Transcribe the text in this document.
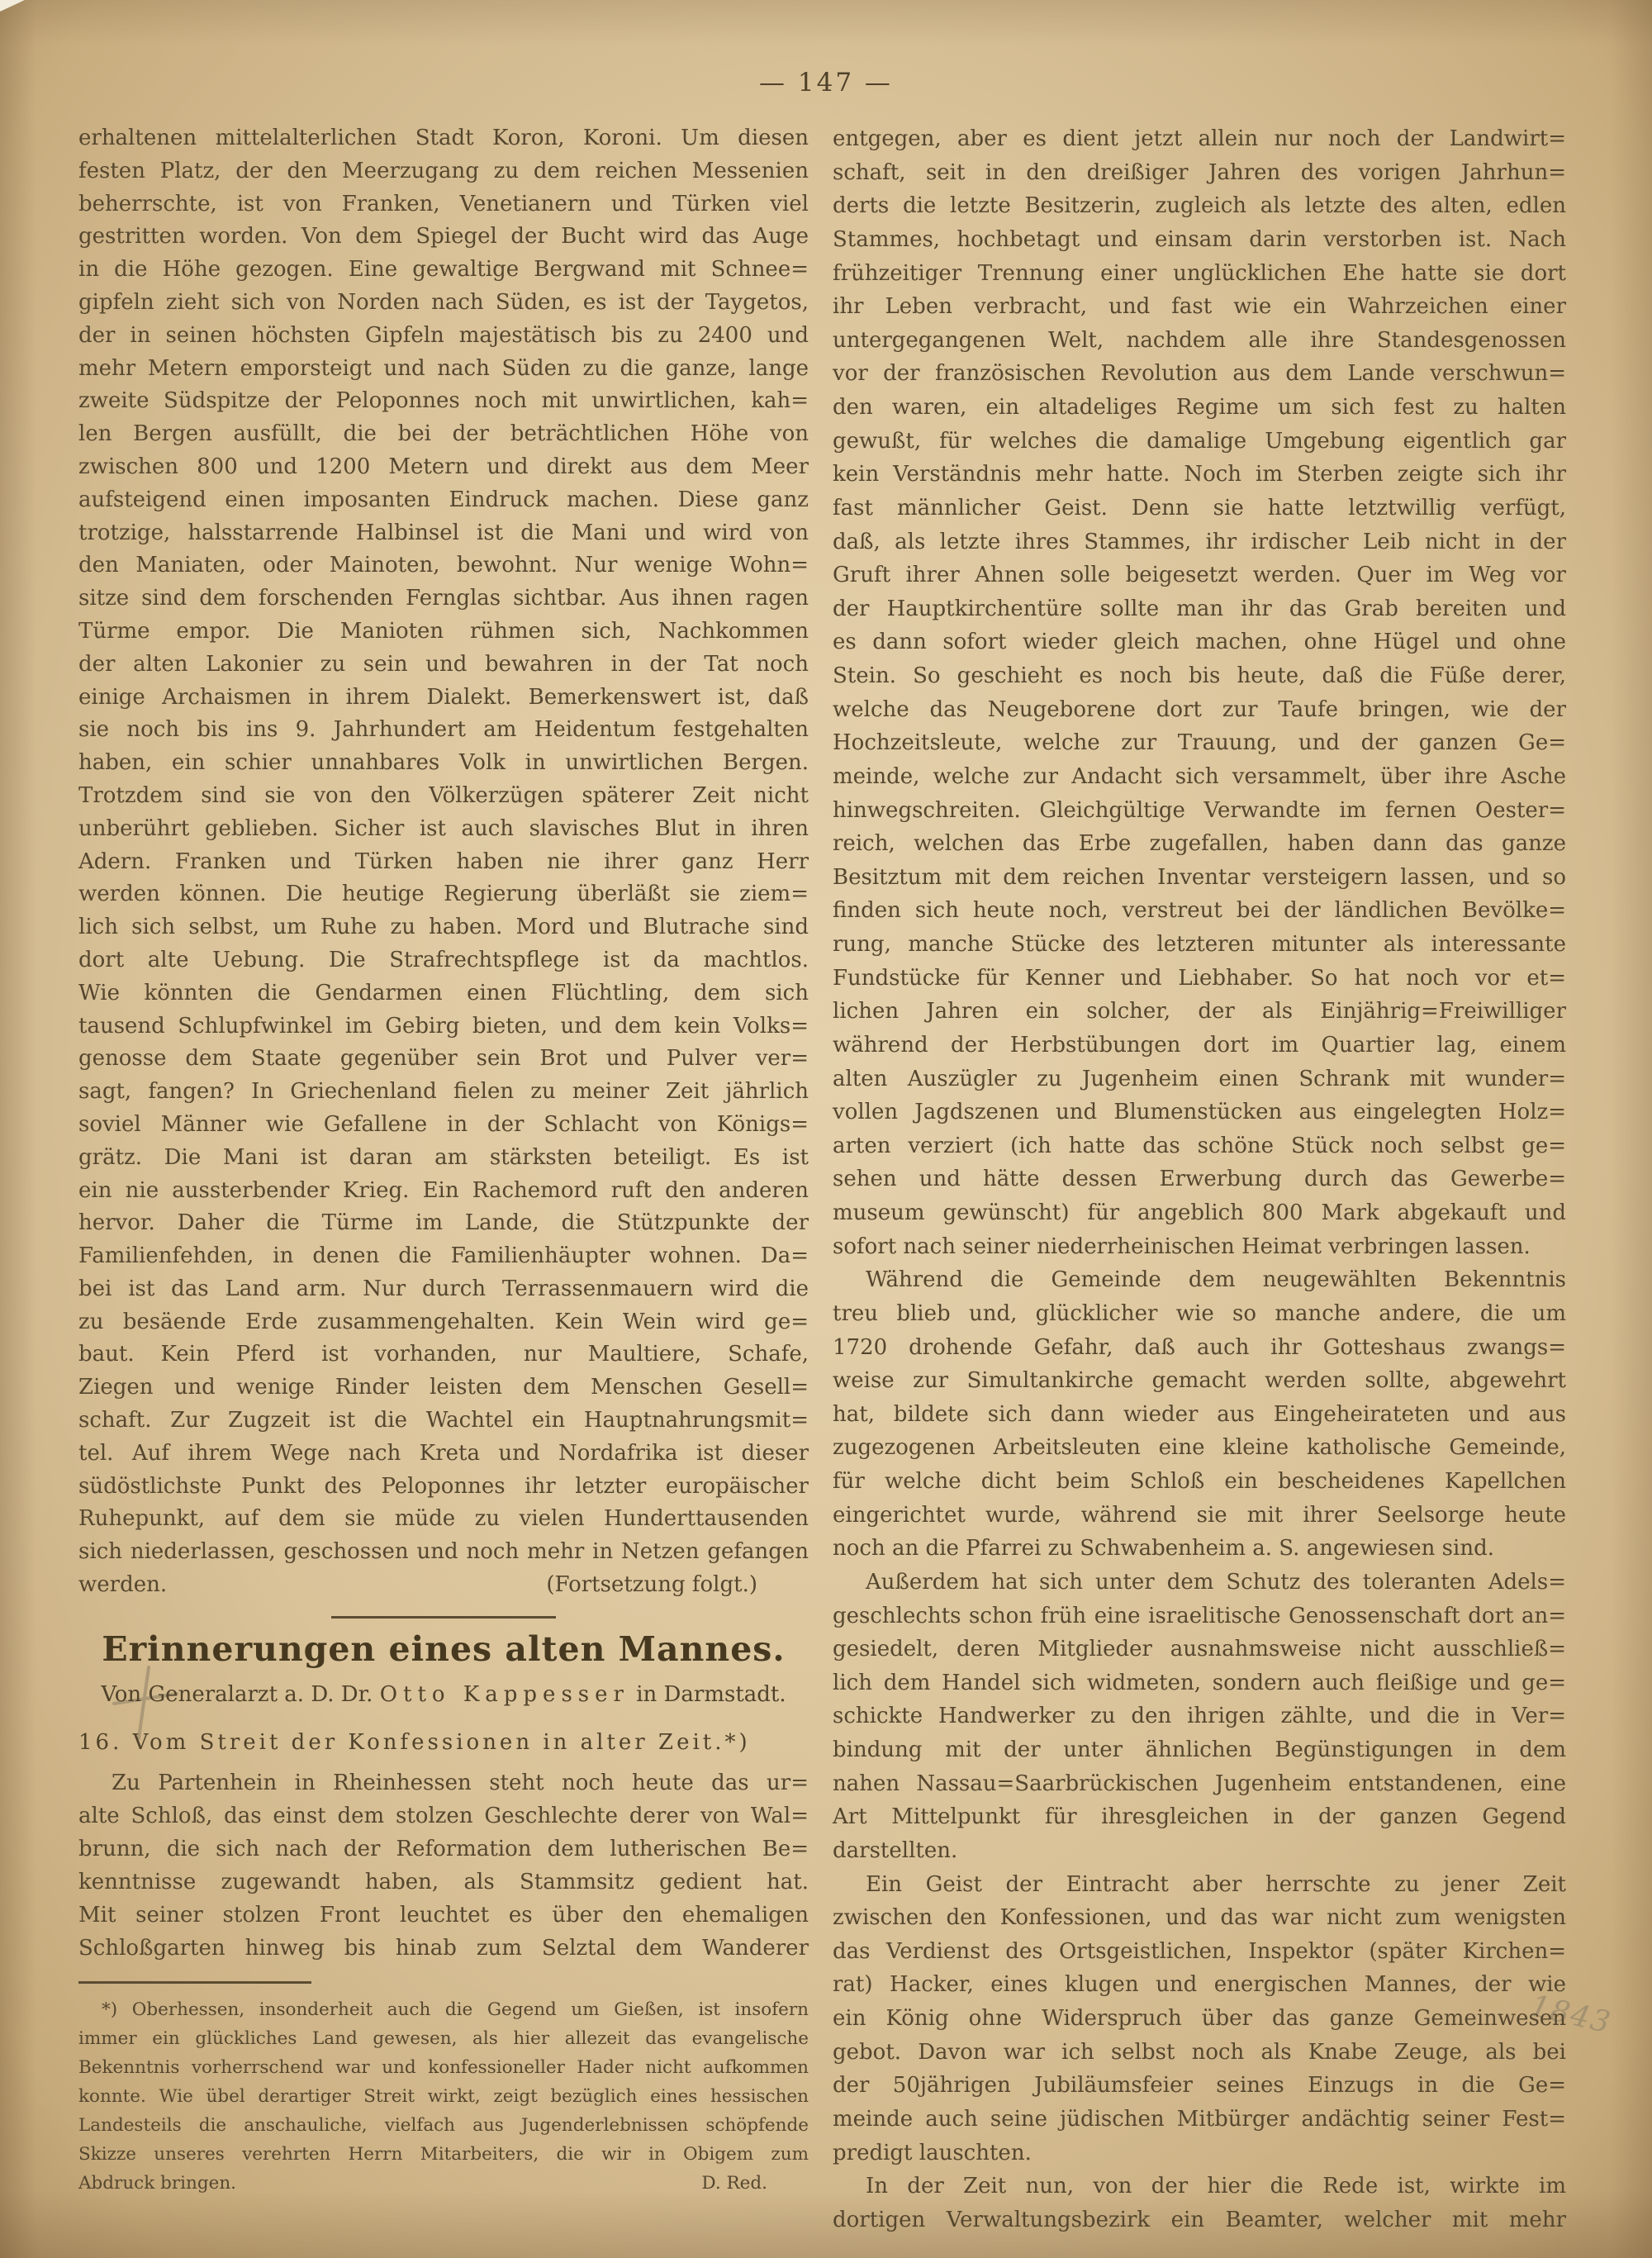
— 147 —
1843
erhaltenen mittelalterlichen Stadt Koron, Koroni. Um diesen
festen Platz, der den Meerzugang zu dem reichen Messenien
beherrschte, ist von Franken, Venetianern und Türken viel
gestritten worden. Von dem Spiegel der Bucht wird das Auge
in die Höhe gezogen. Eine gewaltige Bergwand mit Schnee=
gipfeln zieht sich von Norden nach Süden, es ist der Taygetos,
der in seinen höchsten Gipfeln majestätisch bis zu 2400 und
mehr Metern emporsteigt und nach Süden zu die ganze, lange
zweite Südspitze der Peloponnes noch mit unwirtlichen, kah=
len Bergen ausfüllt, die bei der beträchtlichen Höhe von
zwischen 800 und 1200 Metern und direkt aus dem Meer
aufsteigend einen imposanten Eindruck machen. Diese ganz
trotzige, halsstarrende Halbinsel ist die Mani und wird von
den Maniaten, oder Mainoten, bewohnt. Nur wenige Wohn=
sitze sind dem forschenden Fernglas sichtbar. Aus ihnen ragen
Türme empor. Die Manioten rühmen sich, Nachkommen
der alten Lakonier zu sein und bewahren in der Tat noch
einige Archaismen in ihrem Dialekt. Bemerkenswert ist, daß
sie noch bis ins 9. Jahrhundert am Heidentum festgehalten
haben, ein schier unnahbares Volk in unwirtlichen Bergen.
Trotzdem sind sie von den Völkerzügen späterer Zeit nicht
unberührt geblieben. Sicher ist auch slavisches Blut in ihren
Adern. Franken und Türken haben nie ihrer ganz Herr
werden können. Die heutige Regierung überläßt sie ziem=
lich sich selbst, um Ruhe zu haben. Mord und Blutrache sind
dort alte Uebung. Die Strafrechtspflege ist da machtlos.
Wie könnten die Gendarmen einen Flüchtling, dem sich
tausend Schlupfwinkel im Gebirg bieten, und dem kein Volks=
genosse dem Staate gegenüber sein Brot und Pulver ver=
sagt, fangen? In Griechenland fielen zu meiner Zeit jährlich
soviel Männer wie Gefallene in der Schlacht von Königs=
grätz. Die Mani ist daran am stärksten beteiligt. Es ist
ein nie aussterbender Krieg. Ein Rachemord ruft den anderen
hervor. Daher die Türme im Lande, die Stützpunkte der
Familienfehden, in denen die Familienhäupter wohnen. Da=
bei ist das Land arm. Nur durch Terrassenmauern wird die
zu besäende Erde zusammengehalten. Kein Wein wird ge=
baut. Kein Pferd ist vorhanden, nur Maultiere, Schafe,
Ziegen und wenige Rinder leisten dem Menschen Gesell=
schaft. Zur Zugzeit ist die Wachtel ein Hauptnahrungsmit=
tel. Auf ihrem Wege nach Kreta und Nordafrika ist dieser
südöstlichste Punkt des Peloponnes ihr letzter europäischer
Ruhepunkt, auf dem sie müde zu vielen Hunderttausenden
sich niederlassen, geschossen und noch mehr in Netzen gefangen
werden.	(Fortsetzung folgt.)
Erinnerungen eines alten Mannes.
Von Generalarzt a. D. Dr. Otto Kappesser in Darmstadt.
16. Vom Streit der Konfessionen in alter Zeit.*)
Zu Partenhein in Rheinhessen steht noch heute das ur=
alte Schloß, das einst dem stolzen Geschlechte derer von Wal=
brunn, die sich nach der Reformation dem lutherischen Be=
kenntnisse zugewandt haben, als Stammsitz gedient hat.
Mit seiner stolzen Front leuchtet es über den ehemaligen
Schloßgarten hinweg bis hinab zum Selztal dem Wanderer
*) Oberhessen, insonderheit auch die Gegend um Gießen, ist insofern
immer ein glückliches Land gewesen, als hier allezeit das evangelische
Bekenntnis vorherrschend war und konfessioneller Hader nicht aufkommen
konnte. Wie übel derartiger Streit wirkt, zeigt bezüglich eines hessischen
Landesteils die anschauliche, vielfach aus Jugenderlebnissen schöpfende
Skizze unseres verehrten Herrn Mitarbeiters, die wir in Obigem zum
Abdruck bringen.	D. Red.
entgegen, aber es dient jetzt allein nur noch der Landwirt=
schaft, seit in den dreißiger Jahren des vorigen Jahrhun=
derts die letzte Besitzerin, zugleich als letzte des alten, edlen
Stammes, hochbetagt und einsam darin verstorben ist. Nach
frühzeitiger Trennung einer unglücklichen Ehe hatte sie dort
ihr Leben verbracht, und fast wie ein Wahrzeichen einer
untergegangenen Welt, nachdem alle ihre Standesgenossen
vor der französischen Revolution aus dem Lande verschwun=
den waren, ein altadeliges Regime um sich fest zu halten
gewußt, für welches die damalige Umgebung eigentlich gar
kein Verständnis mehr hatte. Noch im Sterben zeigte sich ihr
fast männlicher Geist. Denn sie hatte letztwillig verfügt,
daß, als letzte ihres Stammes, ihr irdischer Leib nicht in der
Gruft ihrer Ahnen solle beigesetzt werden. Quer im Weg vor
der Hauptkirchentüre sollte man ihr das Grab bereiten und
es dann sofort wieder gleich machen, ohne Hügel und ohne
Stein. So geschieht es noch bis heute, daß die Füße derer,
welche das Neugeborene dort zur Taufe bringen, wie der
Hochzeitsleute, welche zur Trauung, und der ganzen Ge=
meinde, welche zur Andacht sich versammelt, über ihre Asche
hinwegschreiten. Gleichgültige Verwandte im fernen Oester=
reich, welchen das Erbe zugefallen, haben dann das ganze
Besitztum mit dem reichen Inventar versteigern lassen, und so
finden sich heute noch, verstreut bei der ländlichen Bevölke=
rung, manche Stücke des letzteren mitunter als interessante
Fundstücke für Kenner und Liebhaber. So hat noch vor et=
lichen Jahren ein solcher, der als Einjährig=Freiwilliger
während der Herbstübungen dort im Quartier lag, einem
alten Auszügler zu Jugenheim einen Schrank mit wunder=
vollen Jagdszenen und Blumenstücken aus eingelegten Holz=
arten verziert (ich hatte das schöne Stück noch selbst ge=
sehen und hätte dessen Erwerbung durch das Gewerbe=
museum gewünscht) für angeblich 800 Mark abgekauft und
sofort nach seiner niederrheinischen Heimat verbringen lassen.
Während die Gemeinde dem neugewählten Bekenntnis
treu blieb und, glücklicher wie so manche andere, die um
1720 drohende Gefahr, daß auch ihr Gotteshaus zwangs=
weise zur Simultankirche gemacht werden sollte, abgewehrt
hat, bildete sich dann wieder aus Eingeheirateten und aus
zugezogenen Arbeitsleuten eine kleine katholische Gemeinde,
für welche dicht beim Schloß ein bescheidenes Kapellchen
eingerichtet wurde, während sie mit ihrer Seelsorge heute
noch an die Pfarrei zu Schwabenheim a. S. angewiesen sind.
Außerdem hat sich unter dem Schutz des toleranten Adels=
geschlechts schon früh eine israelitische Genossenschaft dort an=
gesiedelt, deren Mitglieder ausnahmsweise nicht ausschließ=
lich dem Handel sich widmeten, sondern auch fleißige und ge=
schickte Handwerker zu den ihrigen zählte, und die in Ver=
bindung mit der unter ähnlichen Begünstigungen in dem
nahen Nassau=Saarbrückischen Jugenheim entstandenen, eine
Art Mittelpunkt für ihresgleichen in der ganzen Gegend
darstellten.
Ein Geist der Eintracht aber herrschte zu jener Zeit
zwischen den Konfessionen, und das war nicht zum wenigsten
das Verdienst des Ortsgeistlichen, Inspektor (später Kirchen=
rat) Hacker, eines klugen und energischen Mannes, der wie
ein König ohne Widerspruch über das ganze Gemeinwesen
gebot. Davon war ich selbst noch als Knabe Zeuge, als bei
der 50jährigen Jubiläumsfeier seines Einzugs in die Ge=
meinde auch seine jüdischen Mitbürger andächtig seiner Fest=
predigt lauschten.
In der Zeit nun, von der hier die Rede ist, wirkte im
dortigen Verwaltungsbezirk ein Beamter, welcher mit mehr
